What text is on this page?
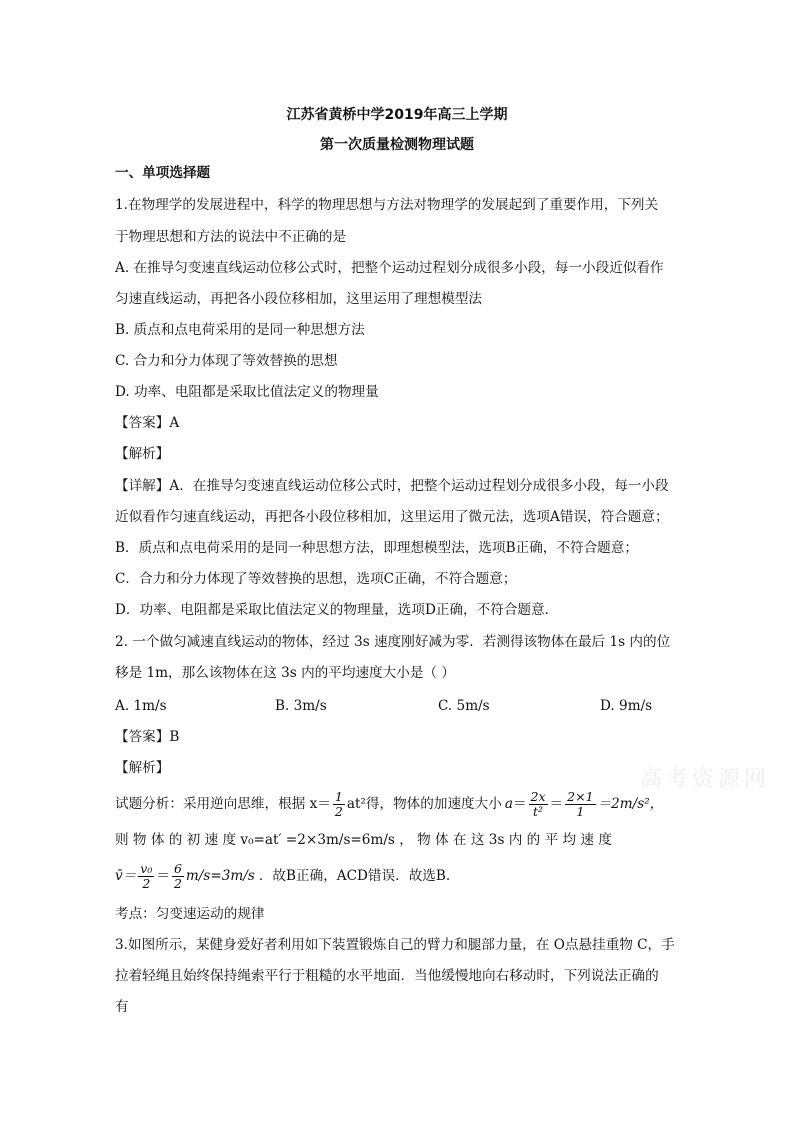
江苏省黄桥中学2019年高三上学期
第一次质量检测物理试题
一、单项选择题
1.在物理学的发展进程中，科学的物理思想与方法对物理学的发展起到了重要作用，下列关
于物理思想和方法的说法中不正确的是
A. 在推导匀变速直线运动位移公式时，把整个运动过程划分成很多小段，每一小段近似看作
匀速直线运动，再把各小段位移相加，这里运用了理想模型法
B. 质点和点电荷采用的是同一种思想方法
C. 合力和分力体现了等效替换的思想
D. 功率、电阻都是采取比值法定义的物理量
【答案】A
【解析】
【详解】A．在推导匀变速直线运动位移公式时，把整个运动过程划分成很多小段，每一小段
近似看作匀速直线运动，再把各小段位移相加，这里运用了微元法，选项A错误，符合题意；
B．质点和点电荷采用的是同一种思想方法，即理想模型法，选项B正确，不符合题意；
C．合力和分力体现了等效替换的思想，选项C正确，不符合题意；
D．功率、电阻都是采取比值法定义的物理量，选项D正确，不符合题意．
2. 一个做匀减速直线运动的物体，经过 3s 速度刚好减为零．若测得该物体在最后 1s 内的位
移是 1m，那么该物体在这 3s 内的平均速度大小是（ ）
A. 1m/s	B. 3m/s	C. 5m/s	D. 9m/s
【答案】B
【解析】
试题分析：采用逆向思维，根据 $x= \frac{1}{2} at^2$得，物体的加速度大小 $a = \frac{2x}{\text{t²}} = \frac{2\times 1}{1} =2m/s^2$，
则 物 体 的 初 速 度 v₀=at′ =2×3m/s=6m/s ， 物 体 在 这 3s 内 的 平 均 速 度
v̄＝ $\frac{\text{v₀}}{2} = \frac{6}{2} m/s=3m/s$ ．故B正确，ACD错误．故选B.
考点：匀变速运动的规律
3.如图所示，某健身爱好者利用如下装置锻炼自己的臂力和腿部力量，在 O点悬挂重物 C，手
拉着轻绳且始终保持绳索平行于粗糙的水平地面．当他缓慢地向右移动时，下列说法正确的
有
高考资源网
